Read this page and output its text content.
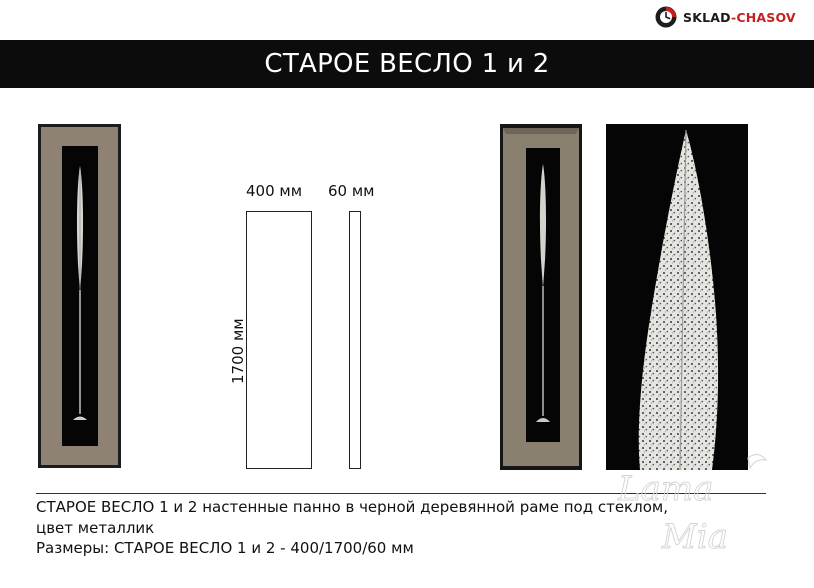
SKLAD-CHASOV
СТАРОЕ ВЕСЛО 1 и 2
400 мм 60 мм
1700 мм

СТАРОЕ ВЕСЛО 1 и 2 настенные панно в черной деревянной раме под стеклом,

цвет металлик

Размеры: СТАРОЕ ВЕСЛО 1 и 2 - 400/1700/60 мм

Lama
Mia
